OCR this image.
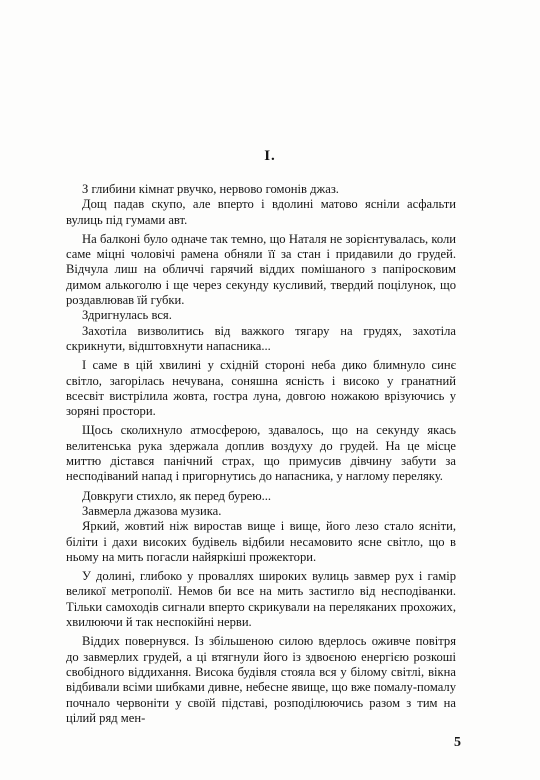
I.

З глибини кімнат рвучко, нервово гомонів джаз.

Дощ падав скупо, але вперто і вдолині матово ясніли асфальти вулиць під гумами авт.

На балконі було одначе так темно, що Наталя не зорієнтувалась, коли саме міцні чоловічі рамена обняли її за стан і придавили до грудей. Відчула лиш на обличчі гарячий віддих помішаного з папіросковим димом алькоголю і ще через секунду кусливий, твердий поцілунок, що роздавлював їй губки.

Здригнулась вся.

Захотіла визволитись від важкого тягару на грудях, захотіла скрикнути, відштовхнути напасника...

І саме в цій хвилині у східній стороні неба дико блимнуло синє світло, загорілась нечувана, соняшна ясність і високо у гранатний всесвіт вистрілила жовта, гостра луна, довгою ножакою врізуючись у зоряні простори.

Щось сколихнуло атмосферою, здавалось, що на секунду якась велитенська рука здержала доплив воздуху до грудей. На це місце миттю дістався панічний страх, що примусив дівчину забути за несподіваний напад і пригорнутись до напасника, у наглому переляку.

Довкруги стихло, як перед бурею...

Завмерла джазова музика.

Яркий, жовтий ніж виростав вище і вище, його лезо стало ясніти, біліти і дахи високих будівель відбили несамовито ясне світло, що в ньому на мить погасли найяркіші прожектори.

У долині, глибоко у проваллях широких вулиць завмер рух і гамір великої метрополії. Немов би все на мить застигло від несподіванки. Тільки самоходів сигнали вперто скрикували на переляканих прохожих, хвилюючи й так неспокійні нерви.

Віддих повернувся. Із збільшеною силою вдерлось оживче повітря до завмерлих грудей, а ці втягнули його із здвоєною енергією розкоші свобідного віддихання. Висока будівля стояла вся у білому світлі, вікна відбивали всіми шибками дивне, небесне явище, що вже помалу-помалу почнало червоніти у своїй підставі, розподілюючись разом з тим на цілий ряд мен-

5
